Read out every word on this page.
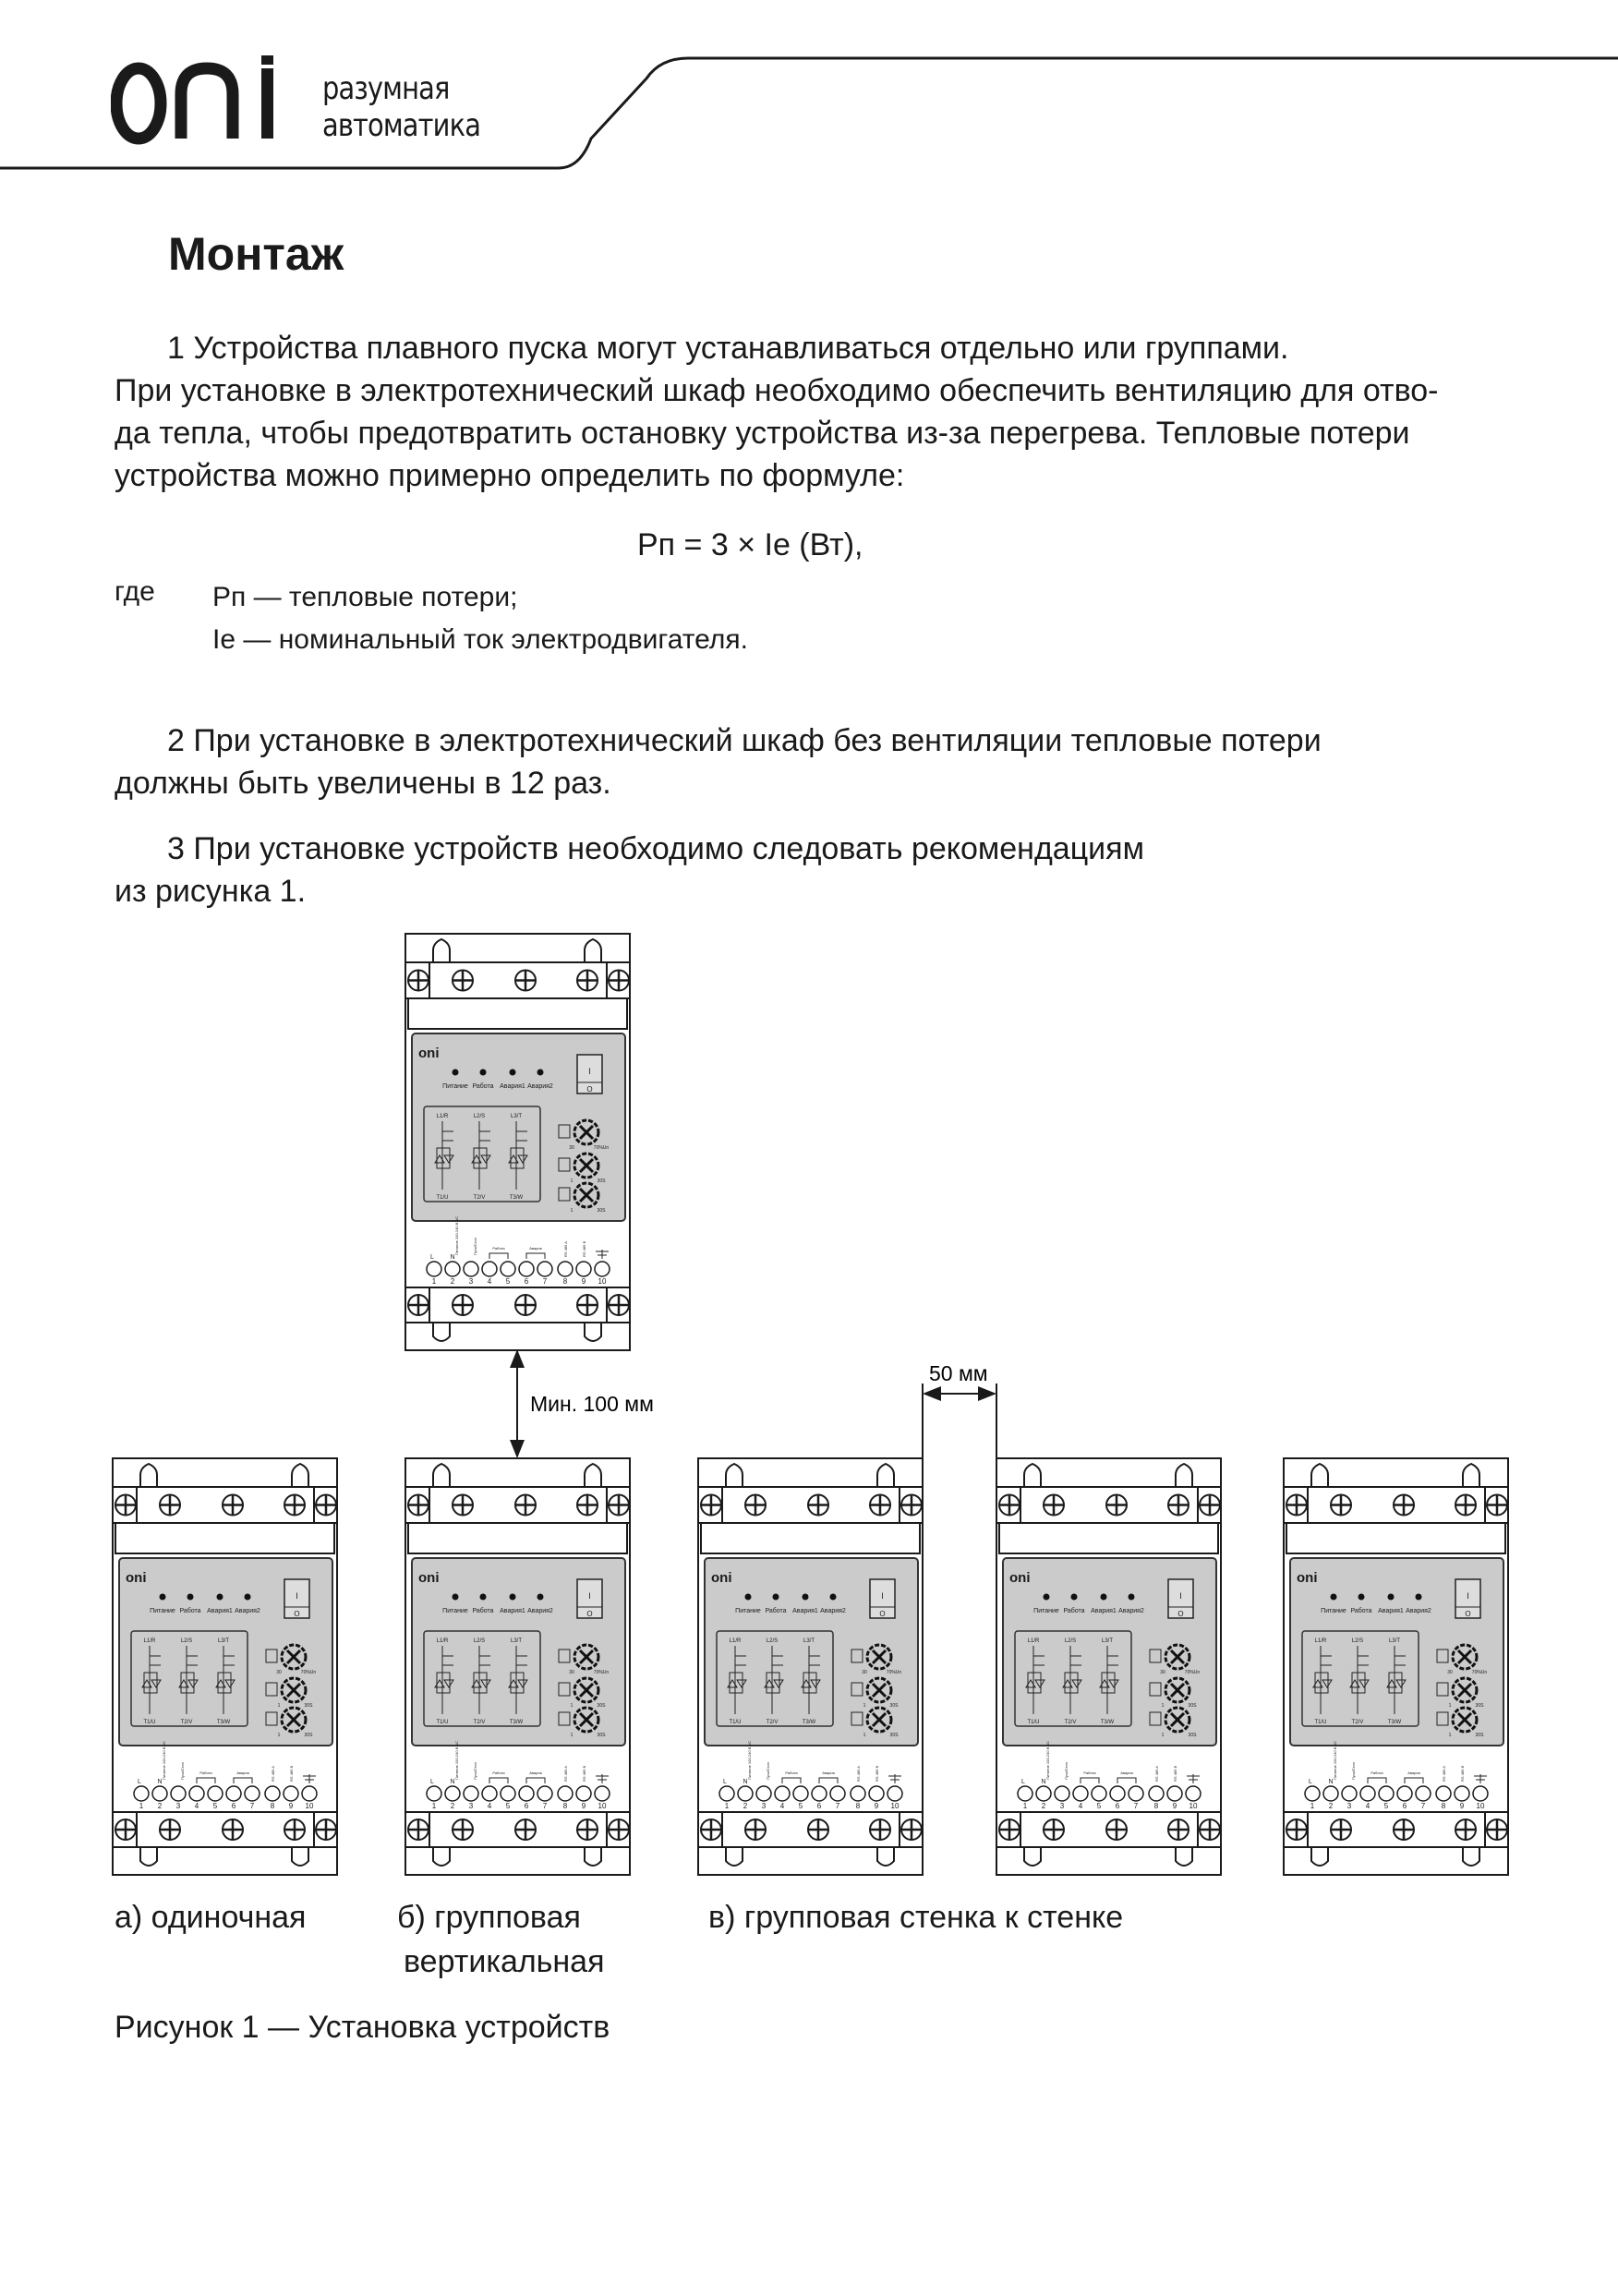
разумная
автоматика
Монтаж
1 Устройства плавного пуска могут устанавливаться отдельно или группами.
При установке в электротехнический шкаф необходимо обеспечить вентиляцию для отво-
да тепла, чтобы предотвратить остановку устройства из-за перегрева. Тепловые потери
устройства можно примерно определить по формуле:
Рп = 3 × Ie (Вт),
где Рп — тепловые потери;
Ie — номинальный ток электродвигателя.
2 При установке в электротехнический шкаф без вентиляции тепловые потери
должны быть увеличены в 12 раз.
3 При установке устройств необходимо следовать рекомендациям
из рисунка 1.
oni
Питание Работа Авария1 Авария2
I
O
L1/R
T1/U
L2/S
T2/V
L3/T
T3/W
30	70%Un
1	30S
1	30S
1 2 3 4 5 6 7 8 9 10
L	N
Питание 100-240 В AC	Пуск/Стоп	Работа	Авария	RS 485 A	RS 485 B
oni
Питание Работа Авария1 Авария2
I
O
L1/R
T1/U
L2/S
T2/V
L3/T
T3/W
30	70%Un
1	30S
1	30S
1 2 3 4 5 6 7 8 9 10
L	N
Питание 100-240 В AC	Пуск/Стоп	Работа	Авария	RS 485 A	RS 485 B
oni
Питание Работа Авария1 Авария2
I
O
L1/R
T1/U
L2/S
T2/V
L3/T
T3/W
30	70%Un
1	30S
1	30S
1 2 3 4 5 6 7 8 9 10
L	N
Питание 100-240 В AC	Пуск/Стоп	Работа	Авария	RS 485 A	RS 485 B
oni
Питание Работа Авария1 Авария2
I
O
L1/R
T1/U
L2/S
T2/V
L3/T
T3/W
30	70%Un
1	30S
1	30S
1 2 3 4 5 6 7 8 9 10
L	N
Питание 100-240 В AC	Пуск/Стоп	Работа	Авария	RS 485 A	RS 485 B
oni
Питание Работа Авария1 Авария2
I
O
L1/R
T1/U
L2/S
T2/V
L3/T
T3/W
30	70%Un
1	30S
1	30S
1 2 3 4 5 6 7 8 9 10
L	N
Питание 100-240 В AC	Пуск/Стоп	Работа	Авария	RS 485 A	RS 485 B
oni
Питание Работа Авария1 Авария2
I
O
L1/R
T1/U
L2/S
T2/V
L3/T
T3/W
30	70%Un
1	30S
1	30S
1 2 3 4 5 6 7 8 9 10
L	N
Питание 100-240 В AC	Пуск/Стоп	Работа	Авария	RS 485 A	RS 485 B
Мин. 100 мм
50 мм
а) одиночная	б) групповая
вертикальная
в) групповая стенка к стенке
Рисунок 1 — Установка устройств
